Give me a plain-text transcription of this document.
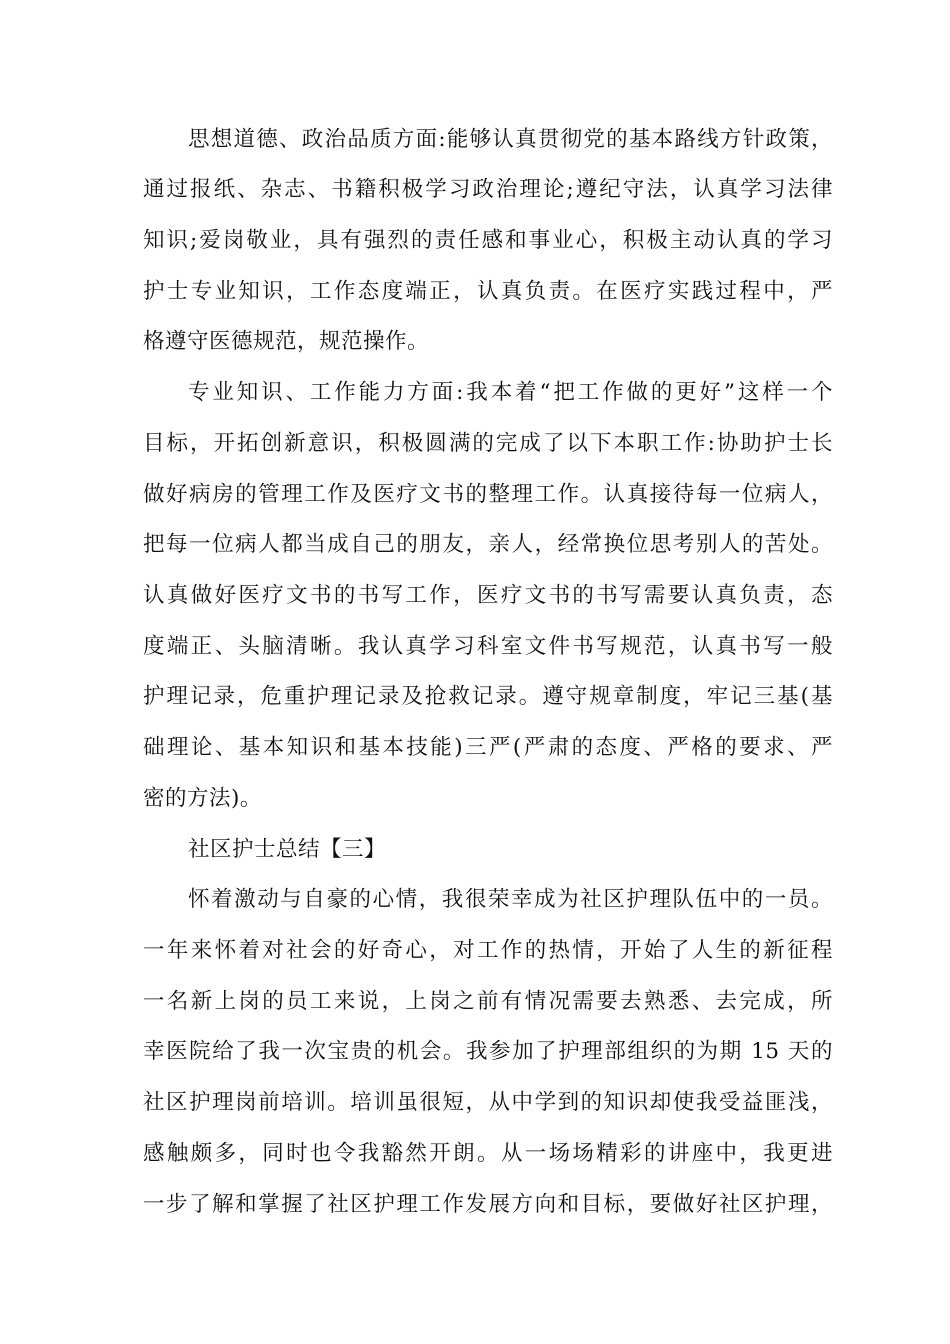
思想道德、政治品质方面:能够认真贯彻党的基本路线方针政策，
通过报纸、杂志、书籍积极学习政治理论;遵纪守法，认真学习法律
知识;爱岗敬业，具有强烈的责任感和事业心，积极主动认真的学习
护士专业知识，工作态度端正，认真负责。在医疗实践过程中，严
格遵守医德规范，规范操作。
专业知识、工作能力方面:我本着“把工作做的更好”这样一个
目标，开拓创新意识，积极圆满的完成了以下本职工作:协助护士长
做好病房的管理工作及医疗文书的整理工作。认真接待每一位病人，
把每一位病人都当成自己的朋友，亲人，经常换位思考别人的苦处。
认真做好医疗文书的书写工作，医疗文书的书写需要认真负责，态
度端正、头脑清晰。我认真学习科室文件书写规范，认真书写一般
护理记录，危重护理记录及抢救记录。遵守规章制度，牢记三基(基
础理论、基本知识和基本技能)三严(严肃的态度、严格的要求、严
密的方法)。
社区护士总结【三】
怀着激动与自豪的心情，我很荣幸成为社区护理队伍中的一员。
一年来怀着对社会的好奇心，对工作的热情，开始了人生的新征程
一名新上岗的员工来说，上岗之前有情况需要去熟悉、去完成，所
幸医院给了我一次宝贵的机会。我参加了护理部组织的为期 15 天的
社区护理岗前培训。培训虽很短，从中学到的知识却使我受益匪浅，
感触颇多，同时也令我豁然开朗。从一场场精彩的讲座中，我更进
一步了解和掌握了社区护理工作发展方向和目标，要做好社区护理，
